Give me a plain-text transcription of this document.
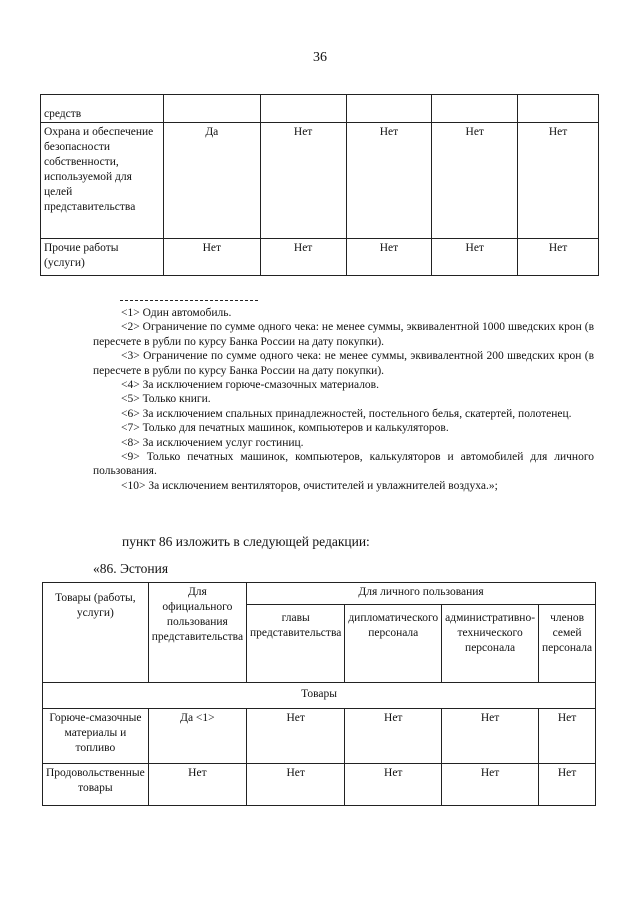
36
средств					
Охрана и обеспечение безопасности собственности, используемой для целей представительства	Да	Нет	Нет	Нет	Нет
Прочие работы (услуги)	Нет	Нет	Нет	Нет	Нет

<1> Один автомобиль.

<2> Ограничение по сумме одного чека: не менее суммы, эквивалентной 1000 шведских крон (в пересчете в рубли по курсу Банка России на дату покупки).

<3> Ограничение по сумме одного чека: не менее суммы, эквивалентной 200 шведских крон (в пересчете в рубли по курсу Банка России на дату покупки).

<4> За исключением горюче-смазочных материалов.

<5> Только книги.

<6> За исключением спальных принадлежностей, постельного белья, скатертей, полотенец.

<7> Только для печатных машинок, компьютеров и калькуляторов.

<8> За исключением услуг гостиниц.

<9> Только печатных машинок, компьютеров, калькуляторов и автомобилей для личного пользования.

<10> За исключением вентиляторов, очистителей и увлажнителей воздуха.»;

пункт 86 изложить в следующей редакции:
«86. Эстония
Товары (работы, услуги)	Для официального пользования представительства	Для личного пользования			
		главы представительства	дипломатического персонала	административно-технического персонала	членов семей персонала
Товары					
Горюче-смазочные материалы и топливо	Да <1>	Нет	Нет	Нет	Нет
Продовольственные товары	Нет	Нет	Нет	Нет	Нет
